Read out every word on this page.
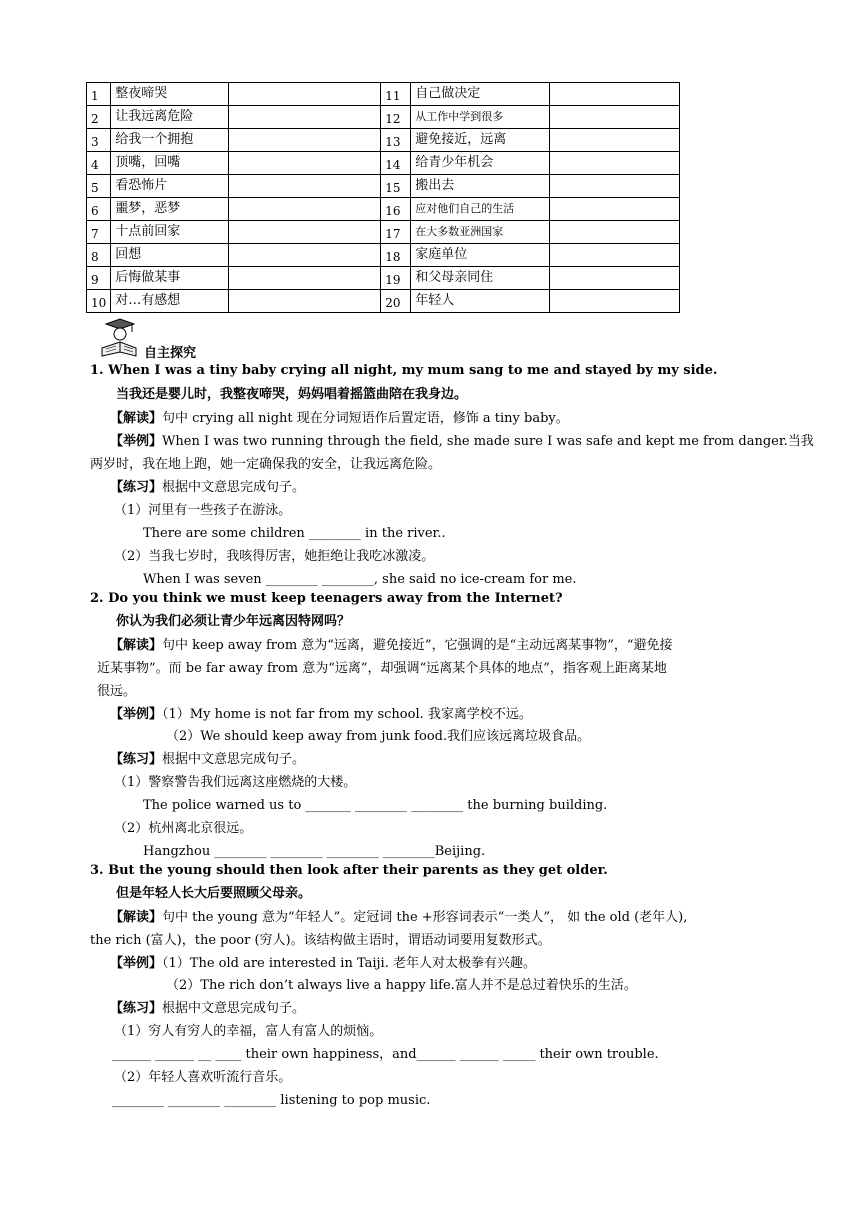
1	整夜啼哭		11	自己做决定	
2	让我远离危险		12	从工作中学到很多	
3	给我一个拥抱		13	避免接近，远离	
4	顶嘴，回嘴		14	给青少年机会	
5	看恐怖片		15	搬出去	
6	噩梦，恶梦		16	应对他们自己的生活	
7	十点前回家		17	在大多数亚洲国家	
8	回想		18	家庭单位	
9	后悔做某事		19	和父母亲同住	
10	对…有感想		20	年轻人	
自主探究
1. When I was a tiny baby crying all night, my mum sang to me and stayed by my side.
当我还是婴儿时，我整夜啼哭，妈妈唱着摇篮曲陪在我身边。
【解读】句中 crying all night 现在分词短语作后置定语，修饰 a tiny baby。
【举例】When I was two running through the field, she made sure I was safe and kept me from danger.当我
两岁时，我在地上跑，她一定确保我的安全，让我远离危险。
【练习】根据中文意思完成句子。
（1）河里有一些孩子在游泳。
There are some children ________ in the river..
（2）当我七岁时，我咳得厉害，她拒绝让我吃冰激凌。
When I was seven ________ ________, she said no ice-cream for me.
2. Do you think we must keep teenagers away from the Internet?
你认为我们必须让青少年远离因特网吗？
【解读】句中 keep away from 意为“远离，避免接近”，它强调的是“主动远离某事物”，“避免接
近某事物”。而 be far away from 意为“远离”，却强调“远离某个具体的地点”，指客观上距离某地
很远。
【举例】（1）My home is not far from my school. 我家离学校不远。
（2）We should keep away from junk food.我们应该远离垃圾食品。
【练习】根据中文意思完成句子。
（1）警察警告我们远离这座燃烧的大楼。
The police warned us to _______ ________ ________ the burning building.
（2）杭州离北京很远。
Hangzhou ________ ________ ________ ________Beijing.
3. But the young should then look after their parents as they get older.
但是年轻人长大后要照顾父母亲。
【解读】句中 the young 意为“年轻人”。定冠词 the +形容词表示“一类人”， 如 the old (老年人),
the rich (富人)，the poor (穷人)。该结构做主语时，谓语动词要用复数形式。
【举例】（1）The old are interested in Taiji. 老年人对太极拳有兴趣。
（2）The rich don’t always live a happy life.富人并不是总过着快乐的生活。
【练习】根据中文意思完成句子。
（1）穷人有穷人的幸福，富人有富人的烦恼。
______ ______ __ ____ their own happiness，and______ ______ _____ their own trouble.
（2）年轻人喜欢听流行音乐。
________ ________ ________ listening to pop music.
